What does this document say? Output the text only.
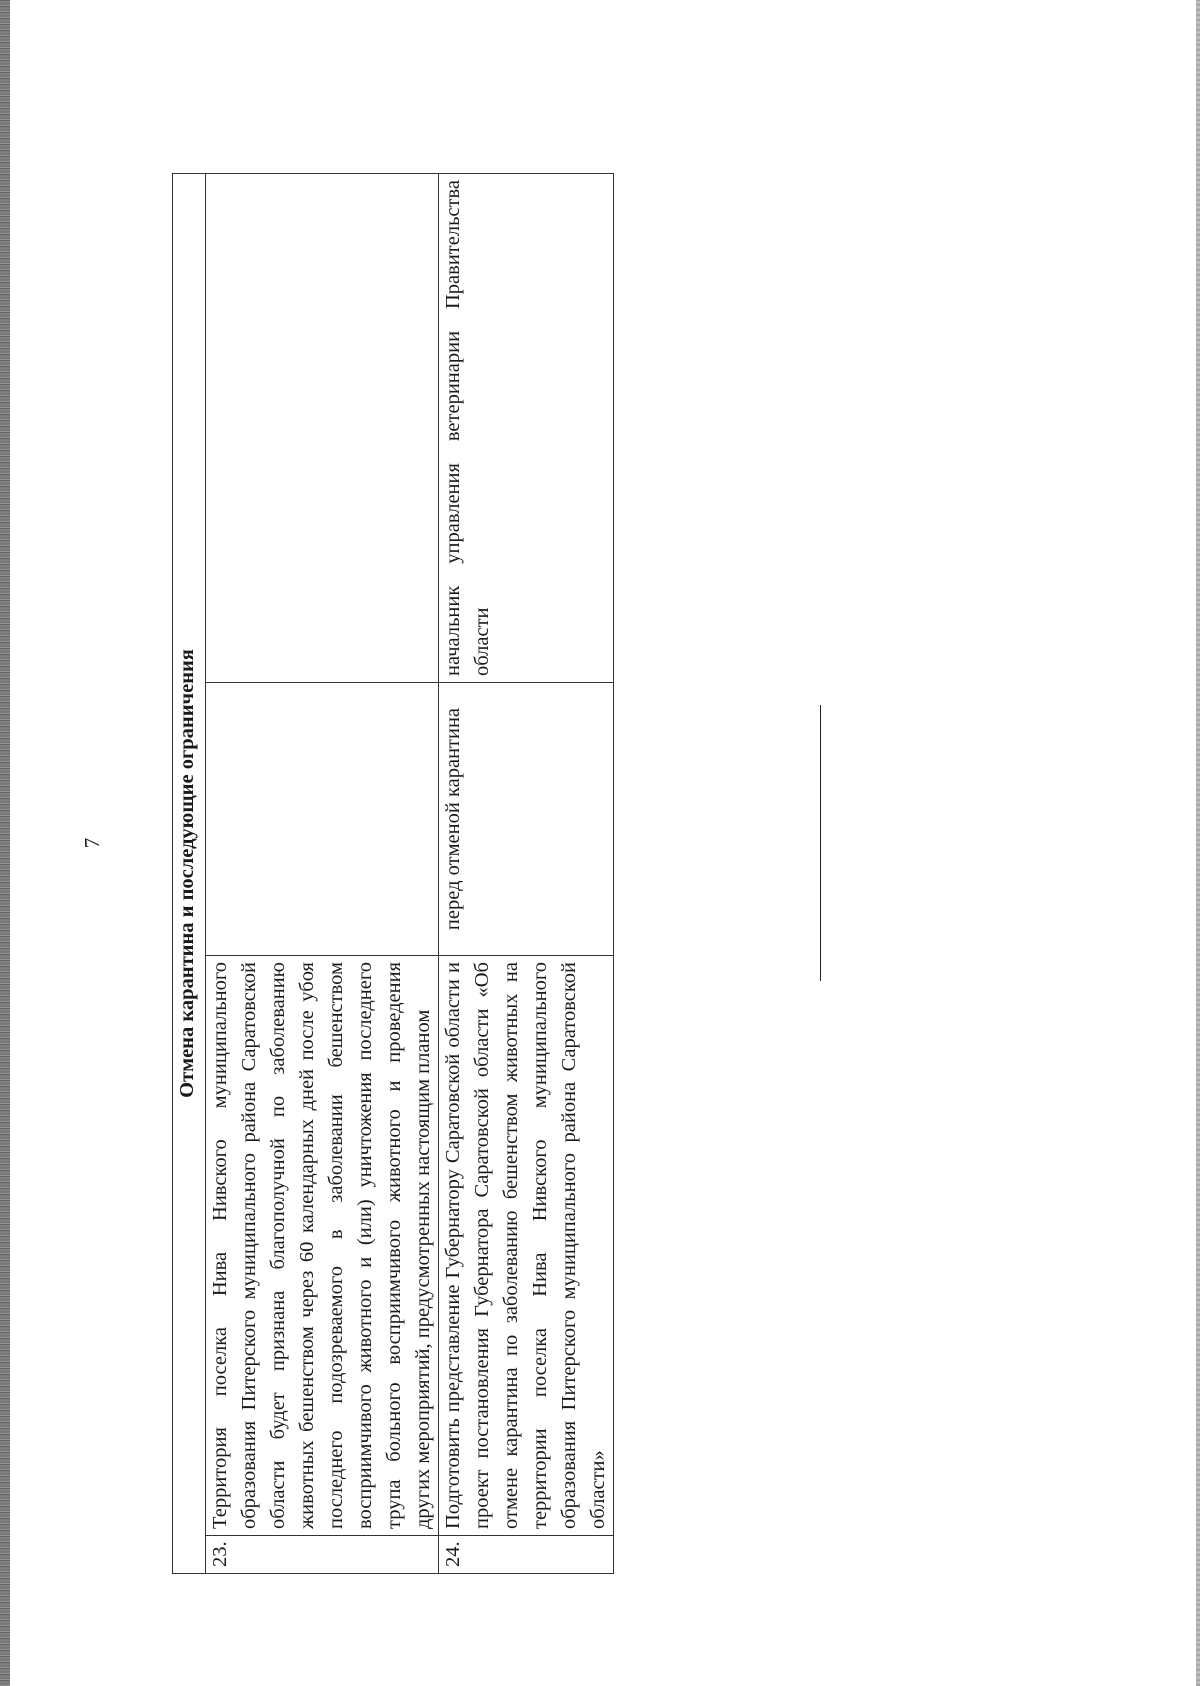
7	Отмена карантина и последующие ограничения			
23.	Территория поселка Нива Нивского муниципального образования Питерского муниципального района Саратовской области будет признана благополучной по заболеванию животных бешенством через 60 календарных дней после убоя последнего подозреваемого в заболевании бешенством восприимчивого животного и (или) уничтожения последнего трупа больного восприимчивого животного и проведения других мероприятий, предусмотренных настоящим планом		
24.	Подготовить представление Губернатору Саратовской области и проект постановления Губернатора Саратовской области «Об отмене карантина по заболеванию бешенством животных на территории поселка Нива Нивского муниципального образования Питерского муниципального района Саратовской области»	перед отменой карантина	начальник управления ветеринарии Правительства области
